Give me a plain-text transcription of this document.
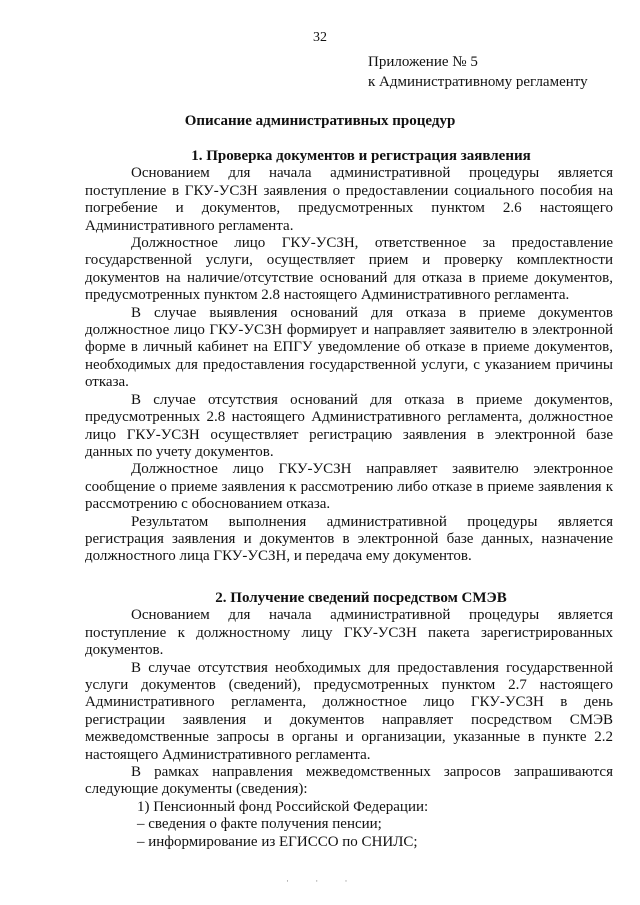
32
Приложение № 5
к Административному регламенту
Описание административных процедур
1. Проверка документов и регистрация заявления

Основанием для начала административной процедуры является поступление в ГКУ-УСЗН заявления о предоставлении социального пособия на погребение и документов, предусмотренных пунктом 2.6 настоящего Административного регламента.

Должностное лицо ГКУ-УСЗН, ответственное за предоставление государственной услуги, осуществляет прием и проверку комплектности документов на наличие/отсутствие оснований для отказа в приеме документов, предусмотренных пунктом 2.8 настоящего Административного регламента.

В случае выявления оснований для отказа в приеме документов должностное лицо ГКУ-УСЗН формирует и направляет заявителю в электронной форме в личный кабинет на ЕПГУ уведомление об отказе в приеме документов, необходимых для предоставления государственной услуги, с указанием причины отказа.

В случае отсутствия оснований для отказа в приеме документов, предусмотренных 2.8 настоящего Административного регламента, должностное лицо ГКУ-УСЗН осуществляет регистрацию заявления в электронной базе данных по учету документов.

Должностное лицо ГКУ-УСЗН направляет заявителю электронное сообщение о приеме заявления к рассмотрению либо отказе в приеме заявления к рассмотрению с обоснованием отказа.

Результатом выполнения административной процедуры является регистрация заявления и документов в электронной базе данных, назначение должностного лица ГКУ-УСЗН, и передача ему документов.

2. Получение сведений посредством СМЭВ

Основанием для начала административной процедуры является поступление к должностному лицу ГКУ-УСЗН пакета зарегистрированных документов.

В случае отсутствия необходимых для предоставления государственной услуги документов (сведений), предусмотренных пунктом 2.7 настоящего Административного регламента, должностное лицо ГКУ-УСЗН в день регистрации заявления и документов направляет посредством СМЭВ межведомственные запросы в органы и организации, указанные в пункте 2.2 настоящего Административного регламента.

В рамках направления межведомственных запросов запрашиваются следующие документы (сведения):

1) Пенсионный фонд Российской Федерации:

– сведения о факте получения пенсии;

– информирование из ЕГИССО по СНИЛС;

· · ·
